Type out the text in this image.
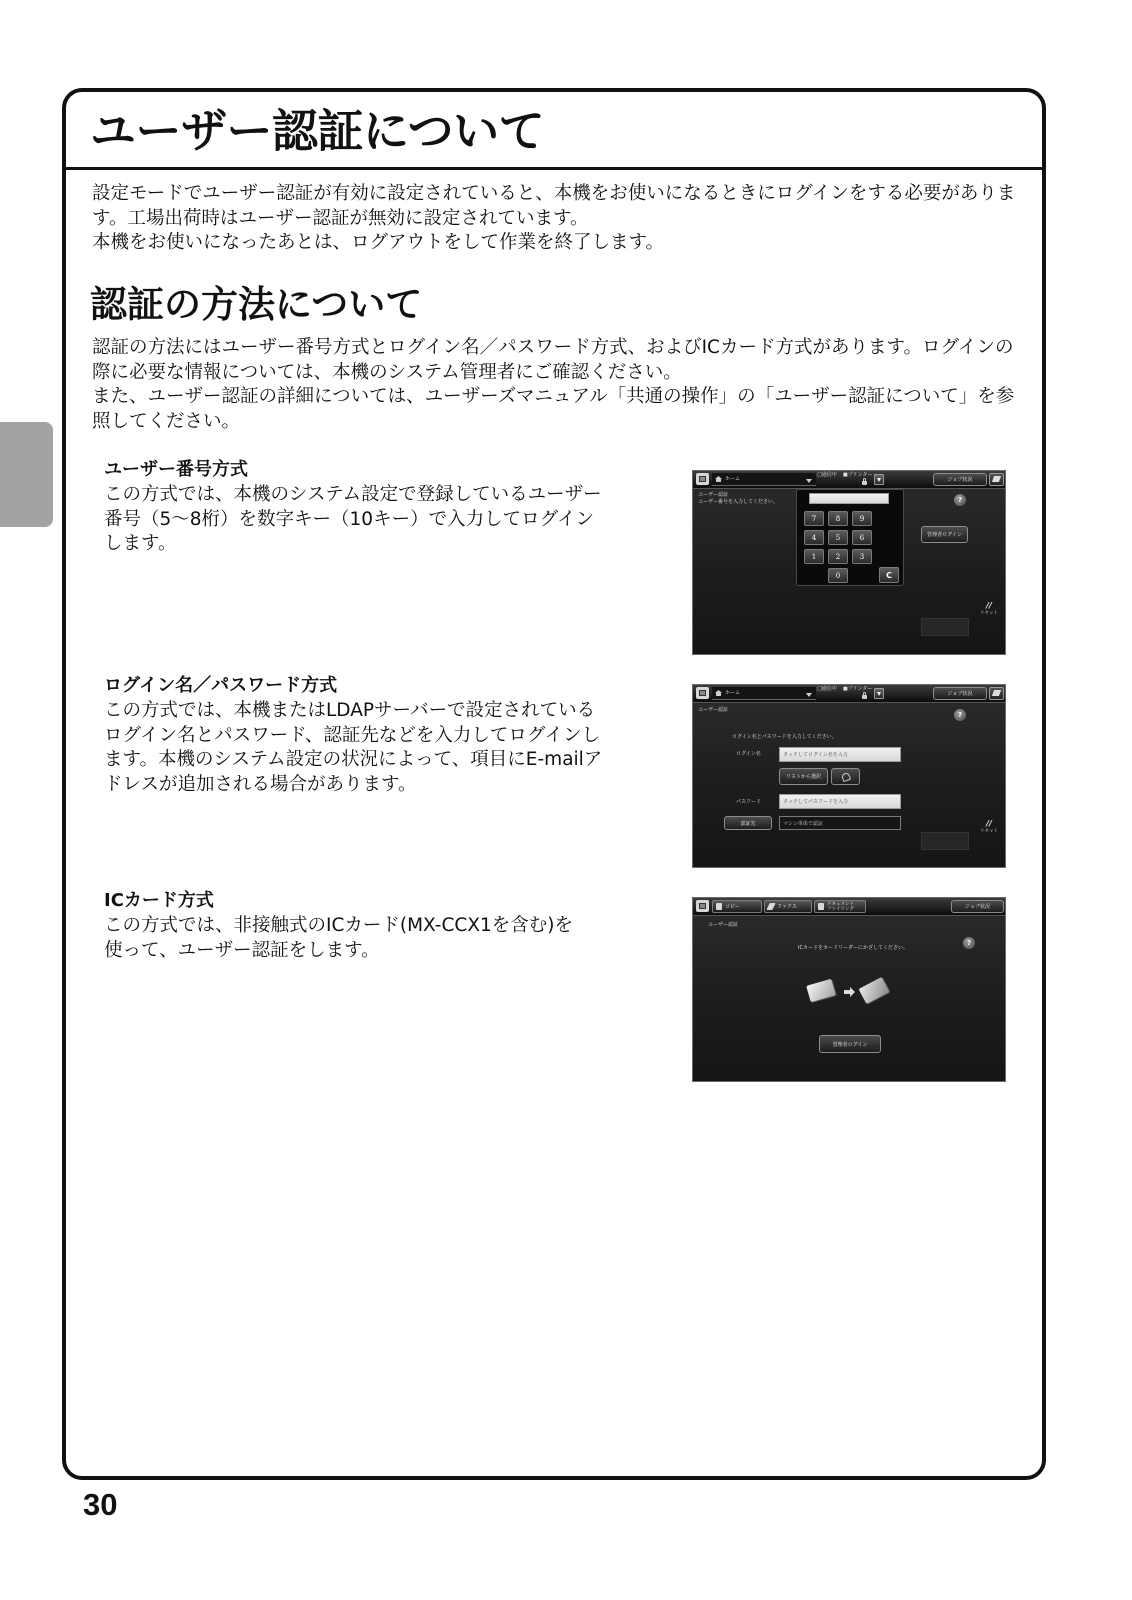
ユーザー認証について
設定モードでユーザー認証が有効に設定されていると、本機をお使いになるときにログインをする必要がありま
す。工場出荷時はユーザー認証が無効に設定されています。
本機をお使いになったあとは、ログアウトをして作業を終了します。
認証の方法について
認証の方法にはユーザー番号方式とログイン名／パスワード方式、およびICカード方式があります。ログインの
際に必要な情報については、本機のシステム管理者にご確認ください。
また、ユーザー認証の詳細については、ユーザーズマニュアル「共通の操作」の「ユーザー認証について」を参
照してください。
ユーザー番号方式
この方式では、本機のシステム設定で登録しているユーザー
番号（5〜8桁）を数字キー（10キー）で入力してログイン
します。
ログイン名／パスワード方式
この方式では、本機またはLDAPサーバーで設定されている
ログイン名とパスワード、認証先などを入力してログインし
ます。本機のシステム設定の状況によって、項目にE-mailア
ドレスが追加される場合があります。
ICカード方式
この方式では、非接触式のICカード(MX-CCX1を含む)を
使って、ユーザー認証をします。
ホーム
□通信中 ■プリンター
ジョブ状況
ユーザー認証
ユーザー番号を入力してください。
7	8	9
4	5	6
1	2	3
0	C
?
管理者ログイン
//
リセット
ホーム
□通信中 ■プリンター
ジョブ状況
ユーザー認証
?
ログイン名とパスワードを入力してください。
ログイン名	タッチしてログイン名を入力
リストから選択
パスワード	タッチしてパスワードを入力
認証先	マシン単体で認証	//
リセット
コピー	ファクス	ドキュメント
ファイリング	ジョブ状況
ユーザー認証
ICカードをカードリーダーにかざしてください。
?
管理者ログイン
30
